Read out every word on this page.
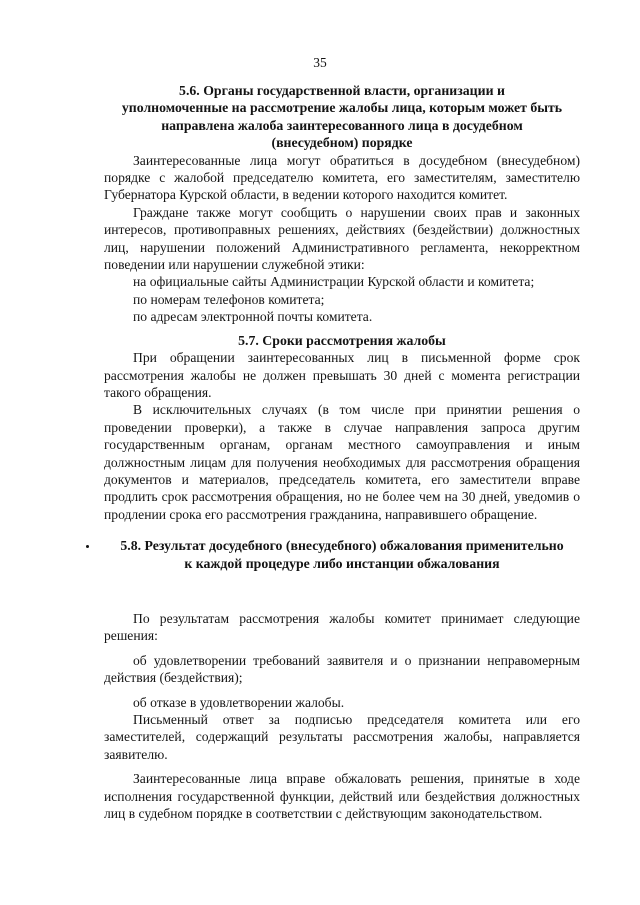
35

5.6. Органы государственной власти, организации и

уполномоченные на рассмотрение жалобы лица, которым может быть

направлена жалоба заинтересованного лица в досудебном

(внесудебном) порядке

Заинтересованные лица могут обратиться в досудебном (внесудебном) порядке с жалобой председателю комитета, его заместителям, заместителю Губернатора Курской области, в ведении которого находится комитет.

Граждане также могут сообщить о нарушении своих прав и законных интересов, противоправных решениях, действиях (бездействии) должностных лиц, нарушении положений Административного регламента, некорректном поведении или нарушении служебной этики:

на официальные сайты Администрации Курской области и комитета;

по номерам телефонов комитета;

по адресам электронной почты комитета.

5.7. Сроки рассмотрения жалобы

При обращении заинтересованных лиц в письменной форме срок рассмотрения жалобы не должен превышать 30 дней с момента регистрации такого обращения.

В исключительных случаях (в том числе при принятии решения о проведении проверки), а также в случае направления запроса другим государственным органам, органам местного самоуправления и иным должностным лицам для получения необходимых для рассмотрения обращения документов и материалов, председатель комитета, его заместители вправе продлить срок рассмотрения обращения, но не более чем на 30 дней, уведомив о продлении срока его рассмотрения гражданина, направившего обращение.

5.8. Результат досудебного (внесудебного) обжалования применительно

к каждой процедуре либо инстанции обжалования

По результатам рассмотрения жалобы комитет принимает следующие решения:

об удовлетворении требований заявителя и о признании неправомерным действия (бездействия);

об отказе в удовлетворении жалобы.

Письменный ответ за подписью председателя комитета или его заместителей, содержащий результаты рассмотрения жалобы, направляется заявителю.

Заинтересованные лица вправе обжаловать решения, принятые в ходе исполнения государственной функции, действий или бездействия должностных лиц в судебном порядке в соответствии с действующим законодательством.
